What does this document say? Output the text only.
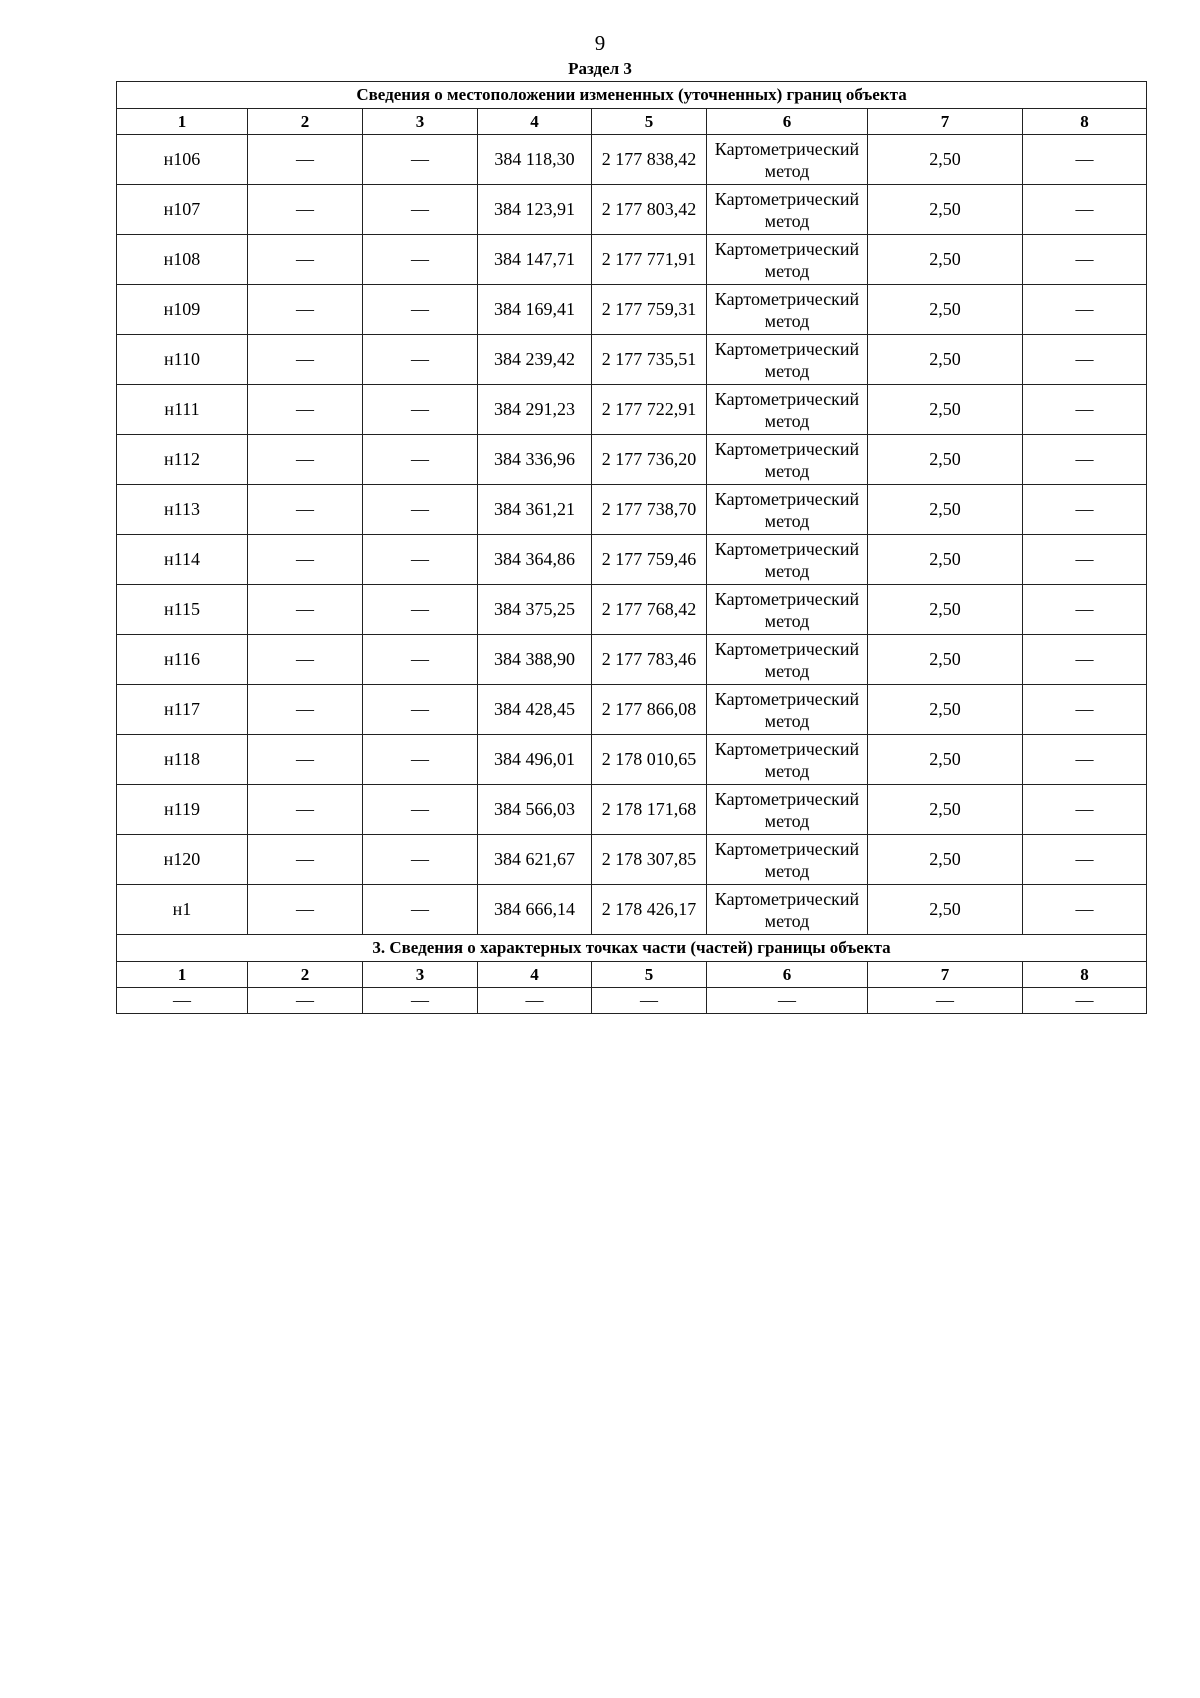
9
Раздел 3
Сведения о местоположении измененных (уточненных) границ объекта							
1	2	3	4	5	6	7	8
н106	—	—	384 118,30	2 177 838,42	Картометрический метод	2,50	—
н107	—	—	384 123,91	2 177 803,42	Картометрический метод	2,50	—
н108	—	—	384 147,71	2 177 771,91	Картометрический метод	2,50	—
н109	—	—	384 169,41	2 177 759,31	Картометрический метод	2,50	—
н110	—	—	384 239,42	2 177 735,51	Картометрический метод	2,50	—
н111	—	—	384 291,23	2 177 722,91	Картометрический метод	2,50	—
н112	—	—	384 336,96	2 177 736,20	Картометрический метод	2,50	—
н113	—	—	384 361,21	2 177 738,70	Картометрический метод	2,50	—
н114	—	—	384 364,86	2 177 759,46	Картометрический метод	2,50	—
н115	—	—	384 375,25	2 177 768,42	Картометрический метод	2,50	—
н116	—	—	384 388,90	2 177 783,46	Картометрический метод	2,50	—
н117	—	—	384 428,45	2 177 866,08	Картометрический метод	2,50	—
н118	—	—	384 496,01	2 178 010,65	Картометрический метод	2,50	—
н119	—	—	384 566,03	2 178 171,68	Картометрический метод	2,50	—
н120	—	—	384 621,67	2 178 307,85	Картометрический метод	2,50	—
н1	—	—	384 666,14	2 178 426,17	Картометрический метод	2,50	—
3. Сведения о характерных точках части (частей) границы объекта							
1	2	3	4	5	6	7	8
—	—	—	—	—	—	—	—
